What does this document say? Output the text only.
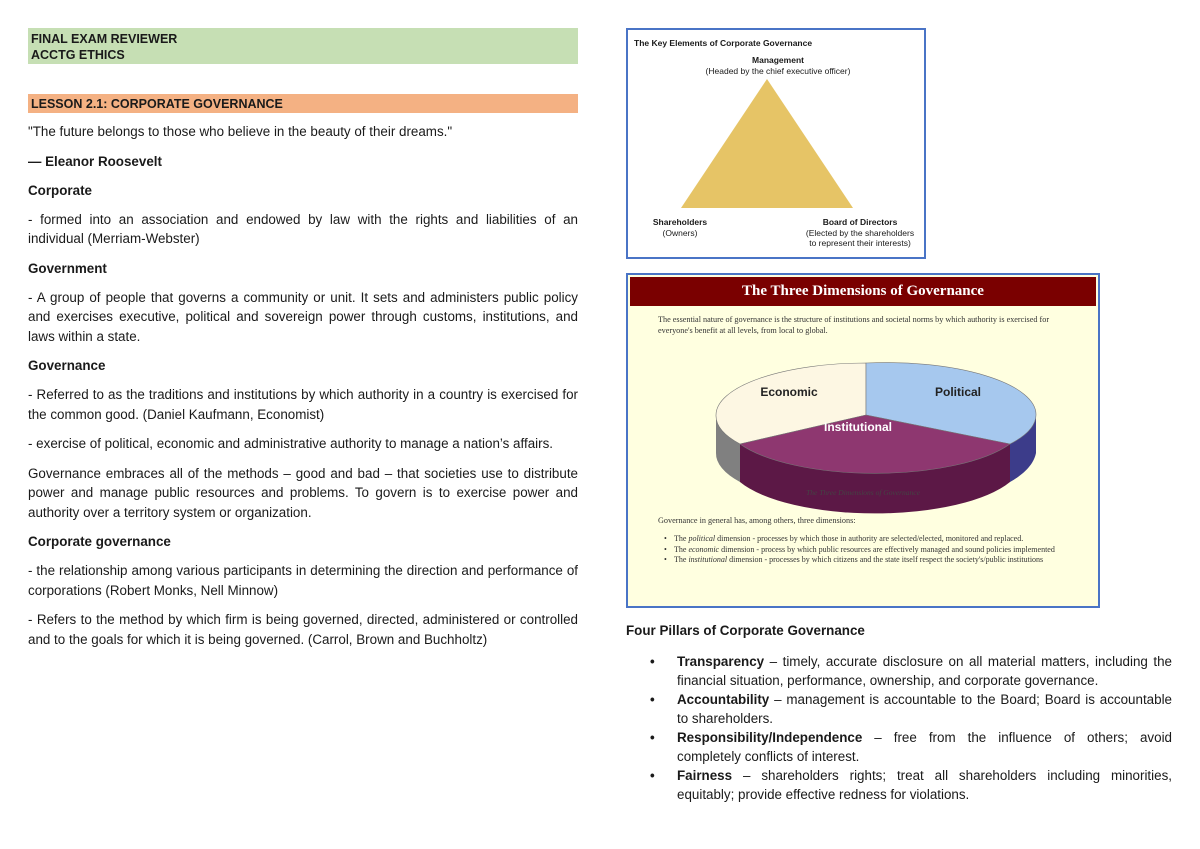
FINAL EXAM REVIEWER
ACCTG ETHICS
LESSON 2.1: CORPORATE GOVERNANCE

"The future belongs to those who believe in the beauty of their dreams."

— Eleanor Roosevelt

Corporate

- formed into an association and endowed by law with the rights and liabilities of an individual (Merriam-Webster)

Government

- A group of people that governs a community or unit. It sets and administers public policy and exercises executive, political and sovereign power through customs, institutions, and laws within a state.

Governance

- Referred to as the traditions and institutions by which authority in a country is exercised for the common good. (Daniel Kaufmann, Economist)

- exercise of political, economic and administrative authority to manage a nation’s affairs.

Governance embraces all of the methods – good and bad – that societies use to distribute power and manage public resources and problems. To govern is to exercise power and authority over a territory system or organization.

Corporate governance

- the relationship among various participants in determining the direction and performance of corporations (Robert Monks, Nell Minnow)

- Refers to the method by which firm is being governed, directed, administered or controlled and to the goals for which it is being governed. (Carrol, Brown and Buchholtz)

The Key Elements of Corporate Governance
Management
(Headed by the chief executive officer)
Shareholders
(Owners)
Board of Directors
(Elected by the shareholders
to represent their interests)
The Three Dimensions of Governance
The essential nature of governance is the structure of institutions and societal norms by which authority is exercised for everyone's benefit at all levels, from local to global.
Economic	Political
Institutional
The Three Dimensions of Governance
Governance in general has, among others, three dimensions:
• The political dimension - processes by which those in authority are selected/elected, monitored and replaced.
• The economic dimension - process by which public resources are effectively managed and sound policies implemented
• The institutional dimension - processes by which citizens and the state itself respect the society's/public institutions
Four Pillars of Corporate Governance
• Transparency – timely, accurate disclosure on all material matters, including the financial situation, performance, ownership, and corporate governance.
• Accountability – management is accountable to the Board; Board is accountable to shareholders.
• Responsibility/Independence – free from the influence of others; avoid completely conflicts of interest.
• Fairness – shareholders rights; treat all shareholders including minorities, equitably; provide effective redness for violations.
